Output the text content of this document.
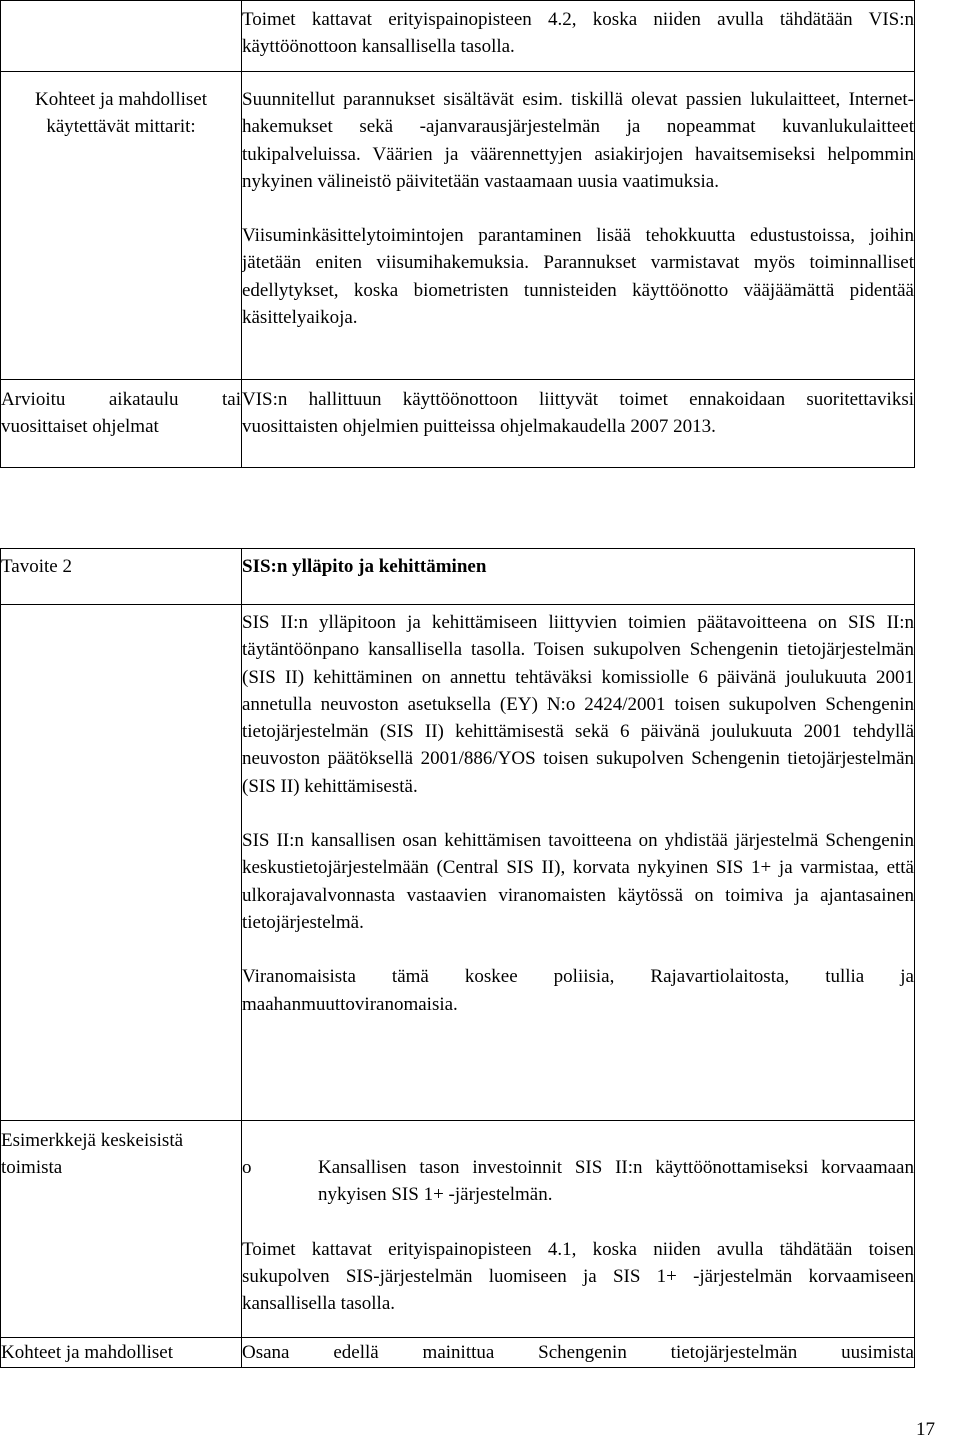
	Toimet kattavat erityispainopisteen 4.2, koska niiden avulla tähdätään VIS:n käyttöönottoon kansallisella tasolla.

Kohteet ja mahdolliset käytettävät mittarit:	Suunnitellut parannukset sisältävät esim. tiskillä olevat passien lukulaitteet, Internet-hakemukset sekä -ajanvarausjärjestelmän ja nopeammat kuvanlukulaitteet tukipalveluissa. Väärien ja väärennettyjen asiakirjojen havaitsemiseksi helpommin nykyinen välineistö päivitetään vastaamaan uusia vaatimuksia.

Viisuminkäsittelytoimintojen parantaminen lisää tehokkuutta edustustoissa, joihin jätetään eniten viisumihakemuksia. Parannukset varmistavat myös toiminnalliset edellytykset, koska biometristen tunnisteiden käyttöönotto vääjäämättä pidentää käsittelyaikoja.

Arvioitu aikataulu tai vuosittaiset ohjelmat	VIS:n hallittuun käyttöönottoon liittyvät toimet ennakoidaan suoritettaviksi vuosittaisten ohjelmien puitteissa ohjelmakaudella 2007 2013.

Tavoite 2	SIS:n ylläpito ja kehittäminen

	SIS II:n ylläpitoon ja kehittämiseen liittyvien toimien päätavoitteena on SIS II:n täytäntöönpano kansallisella tasolla. Toisen sukupolven Schengenin tietojärjestelmän (SIS II) kehittäminen on annettu tehtäväksi komissiolle 6 päivänä joulukuuta 2001 annetulla neuvoston asetuksella (EY) N:o 2424/2001 toisen sukupolven Schengenin tietojärjestelmän (SIS II) kehittämisestä sekä 6 päivänä joulukuuta 2001 tehdyllä neuvoston päätöksellä 2001/886/YOS toisen sukupolven Schengenin tietojärjestelmän (SIS II) kehittämisestä.

SIS II:n kansallisen osan kehittämisen tavoitteena on yhdistää järjestelmä Schengenin keskustietojärjestelmään (Central SIS II), korvata nykyinen SIS 1+ ja varmistaa, että ulkorajavalvonnasta vastaavien viranomaisten käytössä on toimiva ja ajantasainen tietojärjestelmä.

Viranomaisista tämä koskee poliisia, Rajavartiolaitosta, tullia ja maahanmuuttoviranomaisia.

Esimerkkejä keskeisistä toimista	o Kansallisen tason investoinnit SIS II:n käyttöönottamiseksi korvaamaan nykyisen SIS 1+ -järjestelmän.

Toimet kattavat erityispainopisteen 4.1, koska niiden avulla tähdätään toisen sukupolven SIS-järjestelmän luomiseen ja SIS 1+ -järjestelmän korvaamiseen kansallisella tasolla.

Kohteet ja mahdolliset	Osana edellä mainittua Schengenin tietojärjestelmän uusimista

17
